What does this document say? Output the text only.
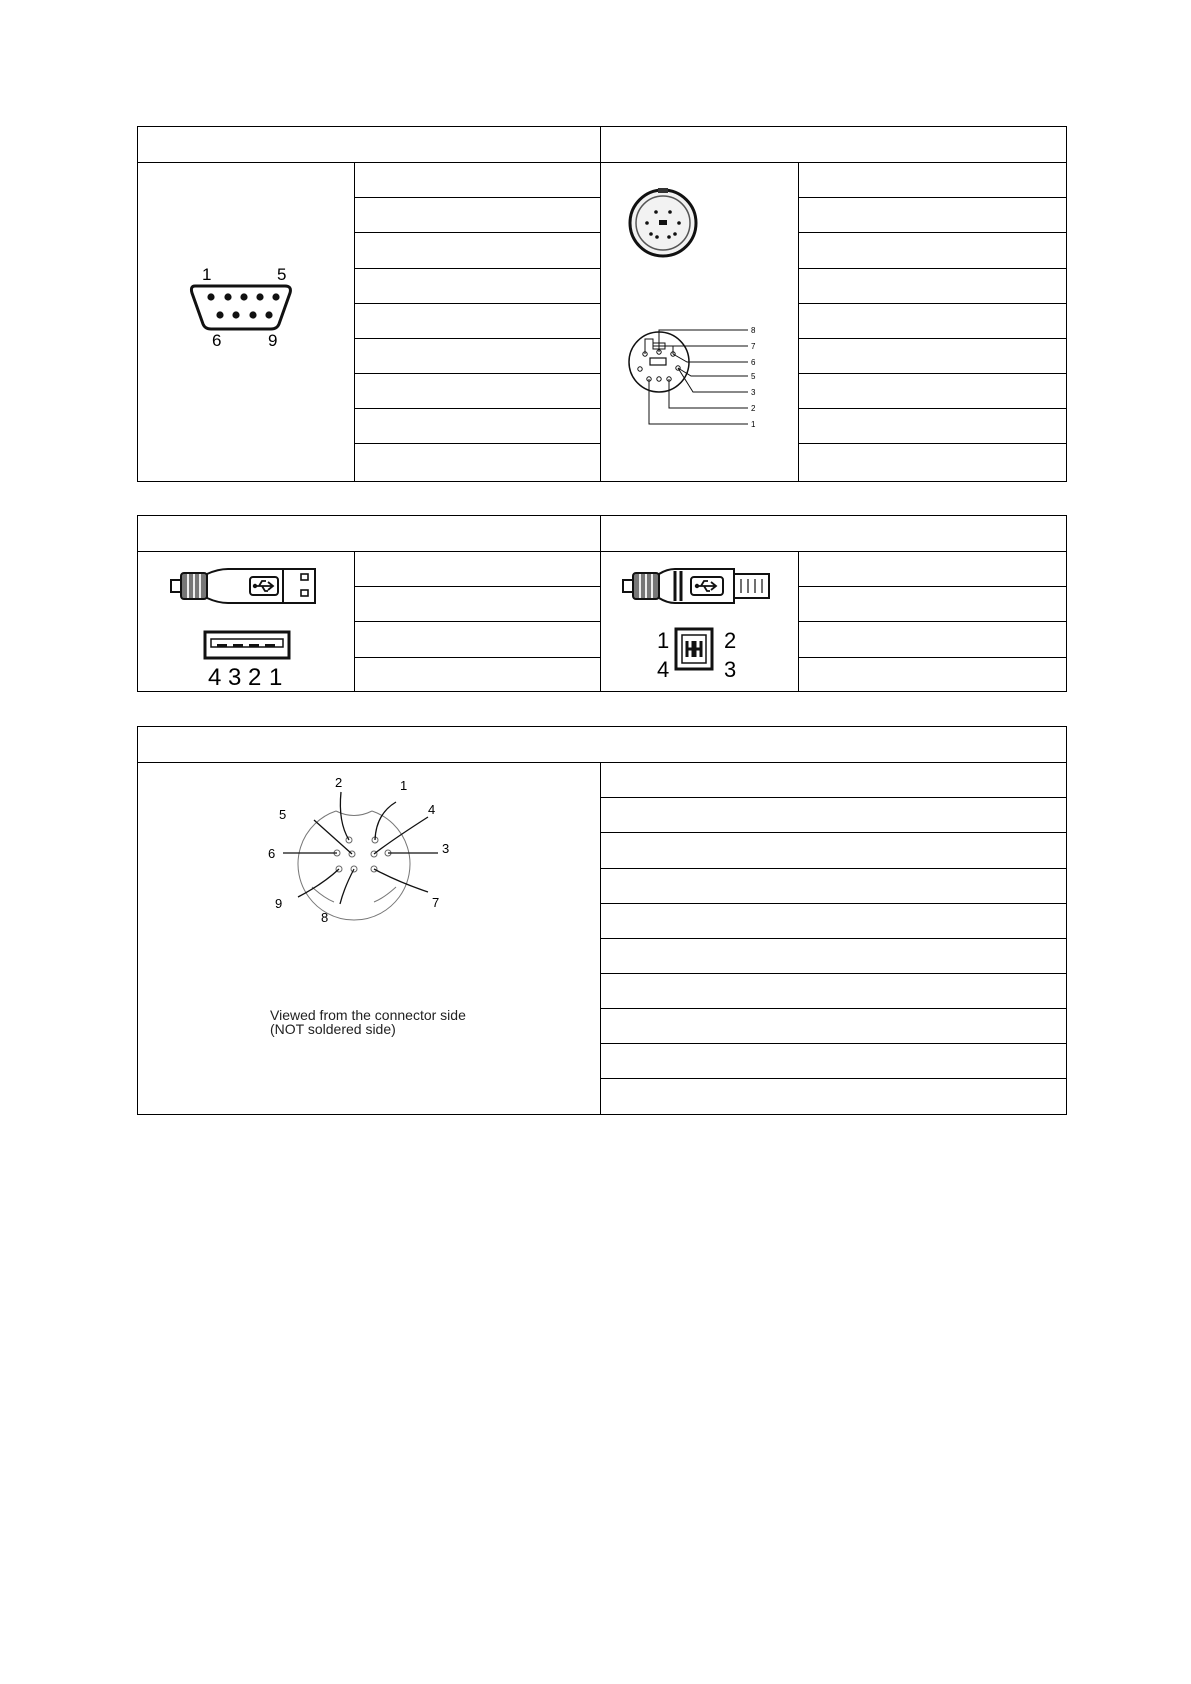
1	5
6	9
8
7
6
5
3
2
1
4 3 2 1
1 2
4 3
2	1
5	4
6	3
9
8
7
Viewed from the connector side
(NOT soldered side)
